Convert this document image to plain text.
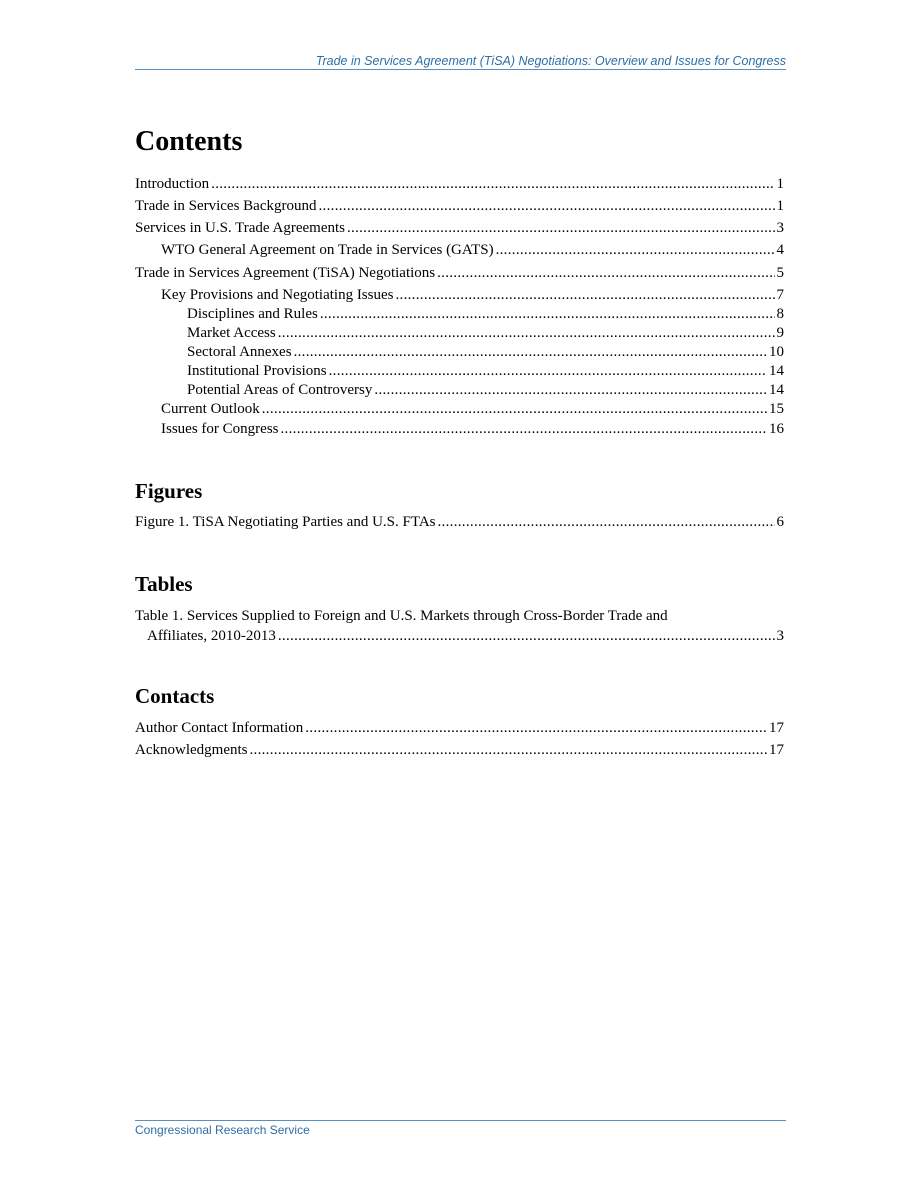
Trade in Services Agreement (TiSA) Negotiations: Overview and Issues for Congress
Contents
Introduction .....	1
Trade in Services Background .....	1
Services in U.S. Trade Agreements .....	3
WTO General Agreement on Trade in Services (GATS) .....	4
Trade in Services Agreement (TiSA) Negotiations .....	5
Key Provisions and Negotiating Issues .....	7
Disciplines and Rules .....	8
Market Access .....	9
Sectoral Annexes .....	10
Institutional Provisions .....	14
Potential Areas of Controversy .....	14
Current Outlook .....	15
Issues for Congress .....	16
Figures
Figure 1. TiSA Negotiating Parties and U.S. FTAs .....	6
Tables
Table 1. Services Supplied to Foreign and U.S. Markets through Cross-Border Trade and
Affiliates, 2010-2013 .....	3
Contacts
Author Contact Information .....	17
Acknowledgments .....	17
Congressional Research Service
